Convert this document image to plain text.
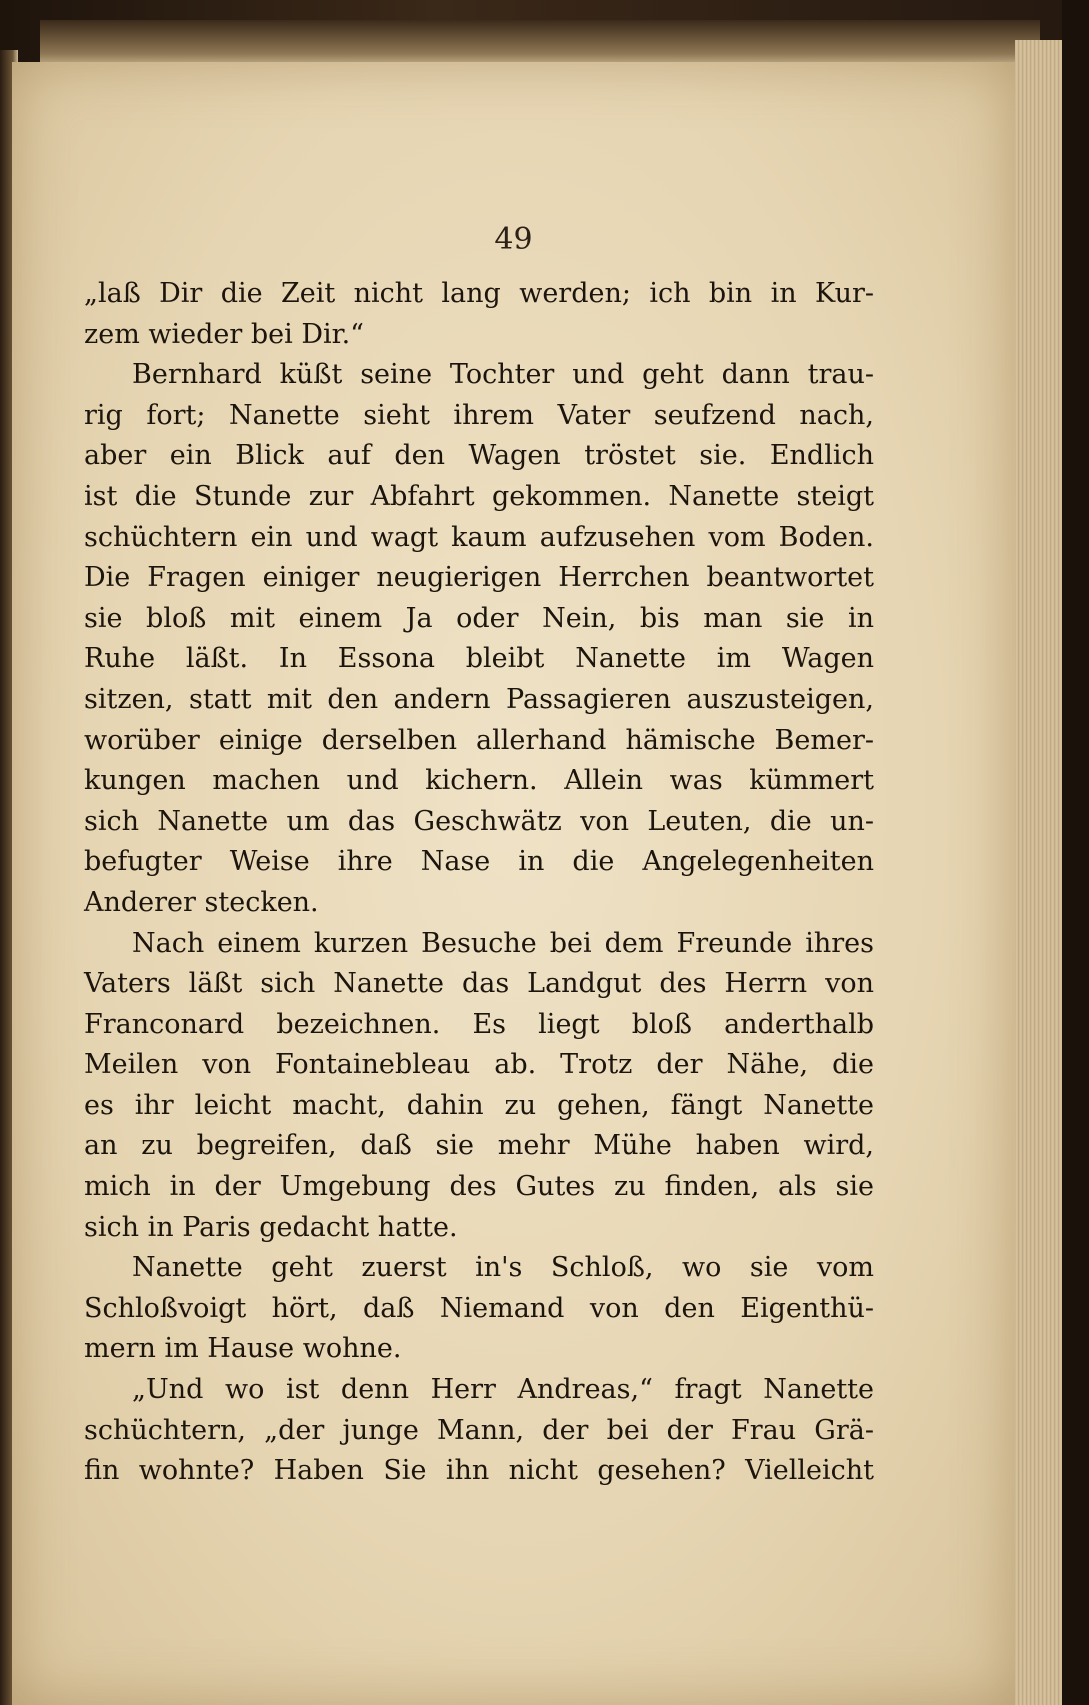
49
„laß Dir die Zeit nicht lang werden; ich bin in Kur-
zem wieder bei Dir.“
Bernhard küßt seine Tochter und geht dann trau-
rig fort; Nanette sieht ihrem Vater seufzend nach,
aber ein Blick auf den Wagen tröstet sie. Endlich
ist die Stunde zur Abfahrt gekommen. Nanette steigt
schüchtern ein und wagt kaum aufzusehen vom Boden.
Die Fragen einiger neugierigen Herrchen beantwortet
sie bloß mit einem Ja oder Nein, bis man sie in
Ruhe läßt. In Essona bleibt Nanette im Wagen
sitzen, statt mit den andern Passagieren auszusteigen,
worüber einige derselben allerhand hämische Bemer-
kungen machen und kichern. Allein was kümmert
sich Nanette um das Geschwätz von Leuten, die un-
befugter Weise ihre Nase in die Angelegenheiten
Anderer stecken.
Nach einem kurzen Besuche bei dem Freunde ihres
Vaters läßt sich Nanette das Landgut des Herrn von
Franconard bezeichnen. Es liegt bloß anderthalb
Meilen von Fontainebleau ab. Trotz der Nähe, die
es ihr leicht macht, dahin zu gehen, fängt Nanette
an zu begreifen, daß sie mehr Mühe haben wird,
mich in der Umgebung des Gutes zu finden, als sie
sich in Paris gedacht hatte.
Nanette geht zuerst in's Schloß, wo sie vom
Schloßvoigt hört, daß Niemand von den Eigenthü-
mern im Hause wohne.
„Und wo ist denn Herr Andreas,“ fragt Nanette
schüchtern, „der junge Mann, der bei der Frau Grä-
fin wohnte? Haben Sie ihn nicht gesehen? Vielleicht
